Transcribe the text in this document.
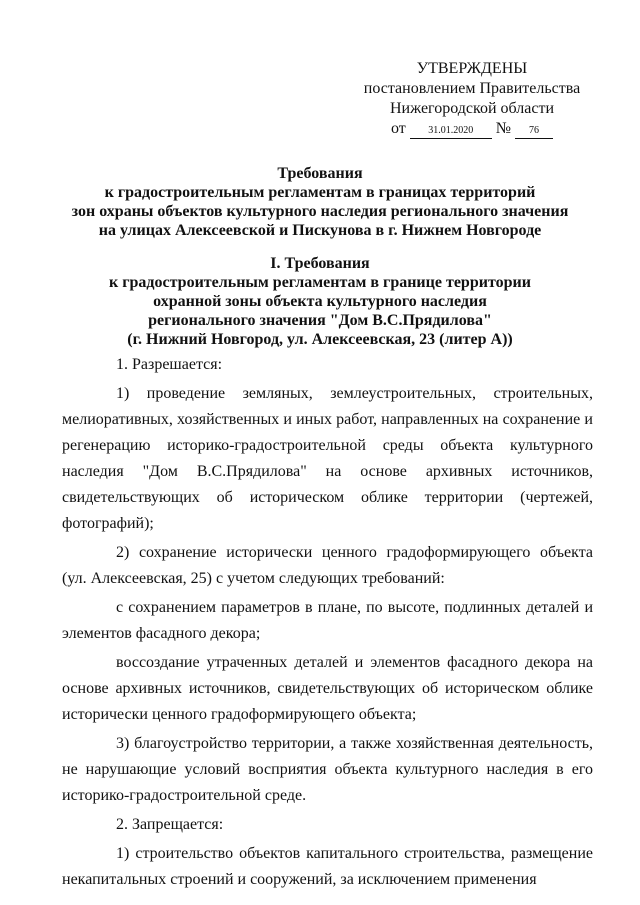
УТВЕРЖДЕНЫ
постановлением Правительства
Нижегородской области
от 31.01.2020 № 76
Требования
к градостроительным регламентам в границах территорий
зон охраны объектов культурного наследия регионального значения
на улицах Алексеевской и Пискунова в г. Нижнем Новгороде
I. Требования
к градостроительным регламентам в границе территории
охранной зоны объекта культурного наследия
регионального значения "Дом В.С.Прядилова"
(г. Нижний Новгород, ул. Алексеевская, 23 (литер А))

1. Разрешается:

1) проведение земляных, землеустроительных, строительных, мелиоративных, хозяйственных и иных работ, направленных на сохранение и регенерацию историко-градостроительной среды объекта культурного наследия "Дом В.С.Прядилова" на основе архивных источников, свидетельствующих об историческом облике территории (чертежей, фотографий);

2) сохранение исторически ценного градоформирующего объекта (ул. Алексеевская, 25) с учетом следующих требований:

с сохранением параметров в плане, по высоте, подлинных деталей и элементов фасадного декора;

воссоздание утраченных деталей и элементов фасадного декора на основе архивных источников, свидетельствующих об историческом облике исторически ценного градоформирующего объекта;

3) благоустройство территории, а также хозяйственная деятельность, не нарушающие условий восприятия объекта культурного наследия в его историко-градостроительной среде.

2. Запрещается:

1) строительство объектов капитального строительства, размещение некапитальных строений и сооружений, за исключением применения
